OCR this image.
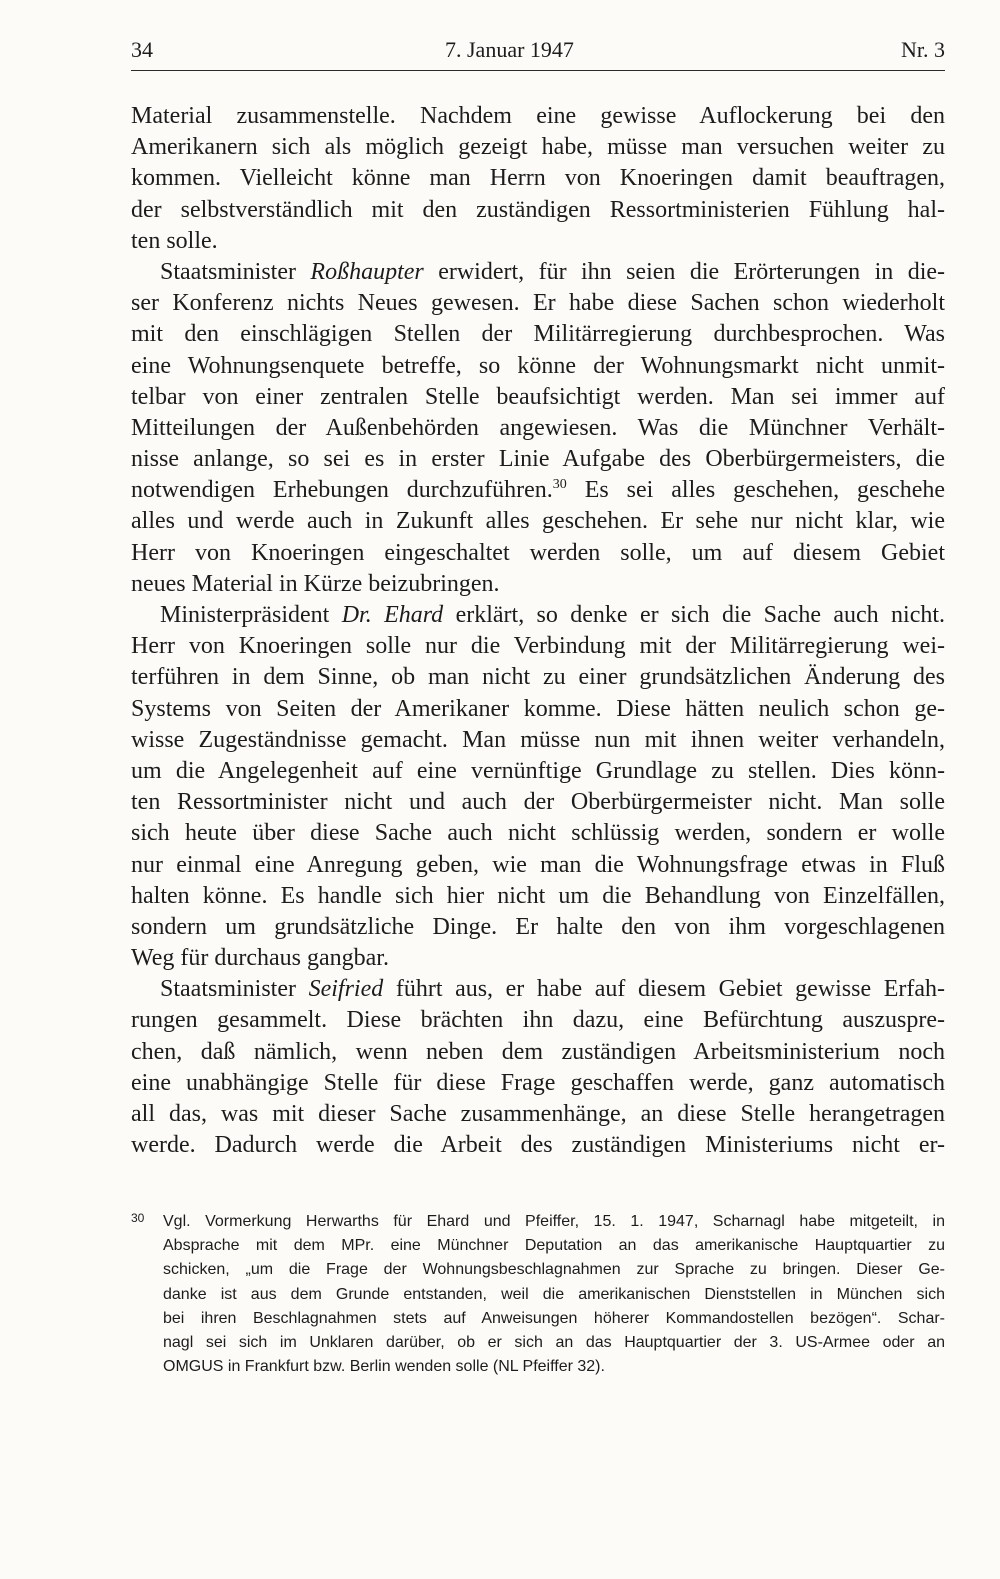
34	7. Januar 1947	Nr. 3
Material zusammenstelle. Nachdem eine gewisse Auflockerung bei den
Amerikanern sich als möglich gezeigt habe, müsse man versuchen weiter zu
kommen. Vielleicht könne man Herrn von Knoeringen damit beauftragen,
der selbstverständlich mit den zuständigen Ressortministerien Fühlung hal-
ten solle.
Staatsminister Roßhaupter erwidert, für ihn seien die Erörterungen in die-
ser Konferenz nichts Neues gewesen. Er habe diese Sachen schon wiederholt
mit den einschlägigen Stellen der Militärregierung durchbesprochen. Was
eine Wohnungsenquete betreffe, so könne der Wohnungsmarkt nicht unmit-
telbar von einer zentralen Stelle beaufsichtigt werden. Man sei immer auf
Mitteilungen der Außenbehörden angewiesen. Was die Münchner Verhält-
nisse anlange, so sei es in erster Linie Aufgabe des Oberbürgermeisters, die
notwendigen Erhebungen durchzuführen.$^{30}$ Es sei alles geschehen, geschehe
alles und werde auch in Zukunft alles geschehen. Er sehe nur nicht klar, wie
Herr von Knoeringen eingeschaltet werden solle, um auf diesem Gebiet
neues Material in Kürze beizubringen.
Ministerpräsident Dr. Ehard erklärt, so denke er sich die Sache auch nicht.
Herr von Knoeringen solle nur die Verbindung mit der Militärregierung wei-
terführen in dem Sinne, ob man nicht zu einer grundsätzlichen Änderung des
Systems von Seiten der Amerikaner komme. Diese hätten neulich schon ge-
wisse Zugeständnisse gemacht. Man müsse nun mit ihnen weiter verhandeln,
um die Angelegenheit auf eine vernünftige Grundlage zu stellen. Dies könn-
ten Ressortminister nicht und auch der Oberbürgermeister nicht. Man solle
sich heute über diese Sache auch nicht schlüssig werden, sondern er wolle
nur einmal eine Anregung geben, wie man die Wohnungsfrage etwas in Fluß
halten könne. Es handle sich hier nicht um die Behandlung von Einzelfällen,
sondern um grundsätzliche Dinge. Er halte den von ihm vorgeschlagenen
Weg für durchaus gangbar.
Staatsminister Seifried führt aus, er habe auf diesem Gebiet gewisse Erfah-
rungen gesammelt. Diese brächten ihn dazu, eine Befürchtung auszuspre-
chen, daß nämlich, wenn neben dem zuständigen Arbeitsministerium noch
eine unabhängige Stelle für diese Frage geschaffen werde, ganz automatisch
all das, was mit dieser Sache zusammenhänge, an diese Stelle herangetragen
werde. Dadurch werde die Arbeit des zuständigen Ministeriums nicht er-
30 Vgl. Vormerkung Herwarths für Ehard und Pfeiffer, 15. 1. 1947, Scharnagl habe mitgeteilt, in
Absprache mit dem MPr. eine Münchner Deputation an das amerikanische Hauptquartier zu
schicken, „um die Frage der Wohnungsbeschlagnahmen zur Sprache zu bringen. Dieser Ge-
danke ist aus dem Grunde entstanden, weil die amerikanischen Dienststellen in München sich
bei ihren Beschlagnahmen stets auf Anweisungen höherer Kommandostellen bezögen“. Schar-
nagl sei sich im Unklaren darüber, ob er sich an das Hauptquartier der 3. US-Armee oder an
OMGUS in Frankfurt bzw. Berlin wenden solle (NL Pfeiffer 32).
